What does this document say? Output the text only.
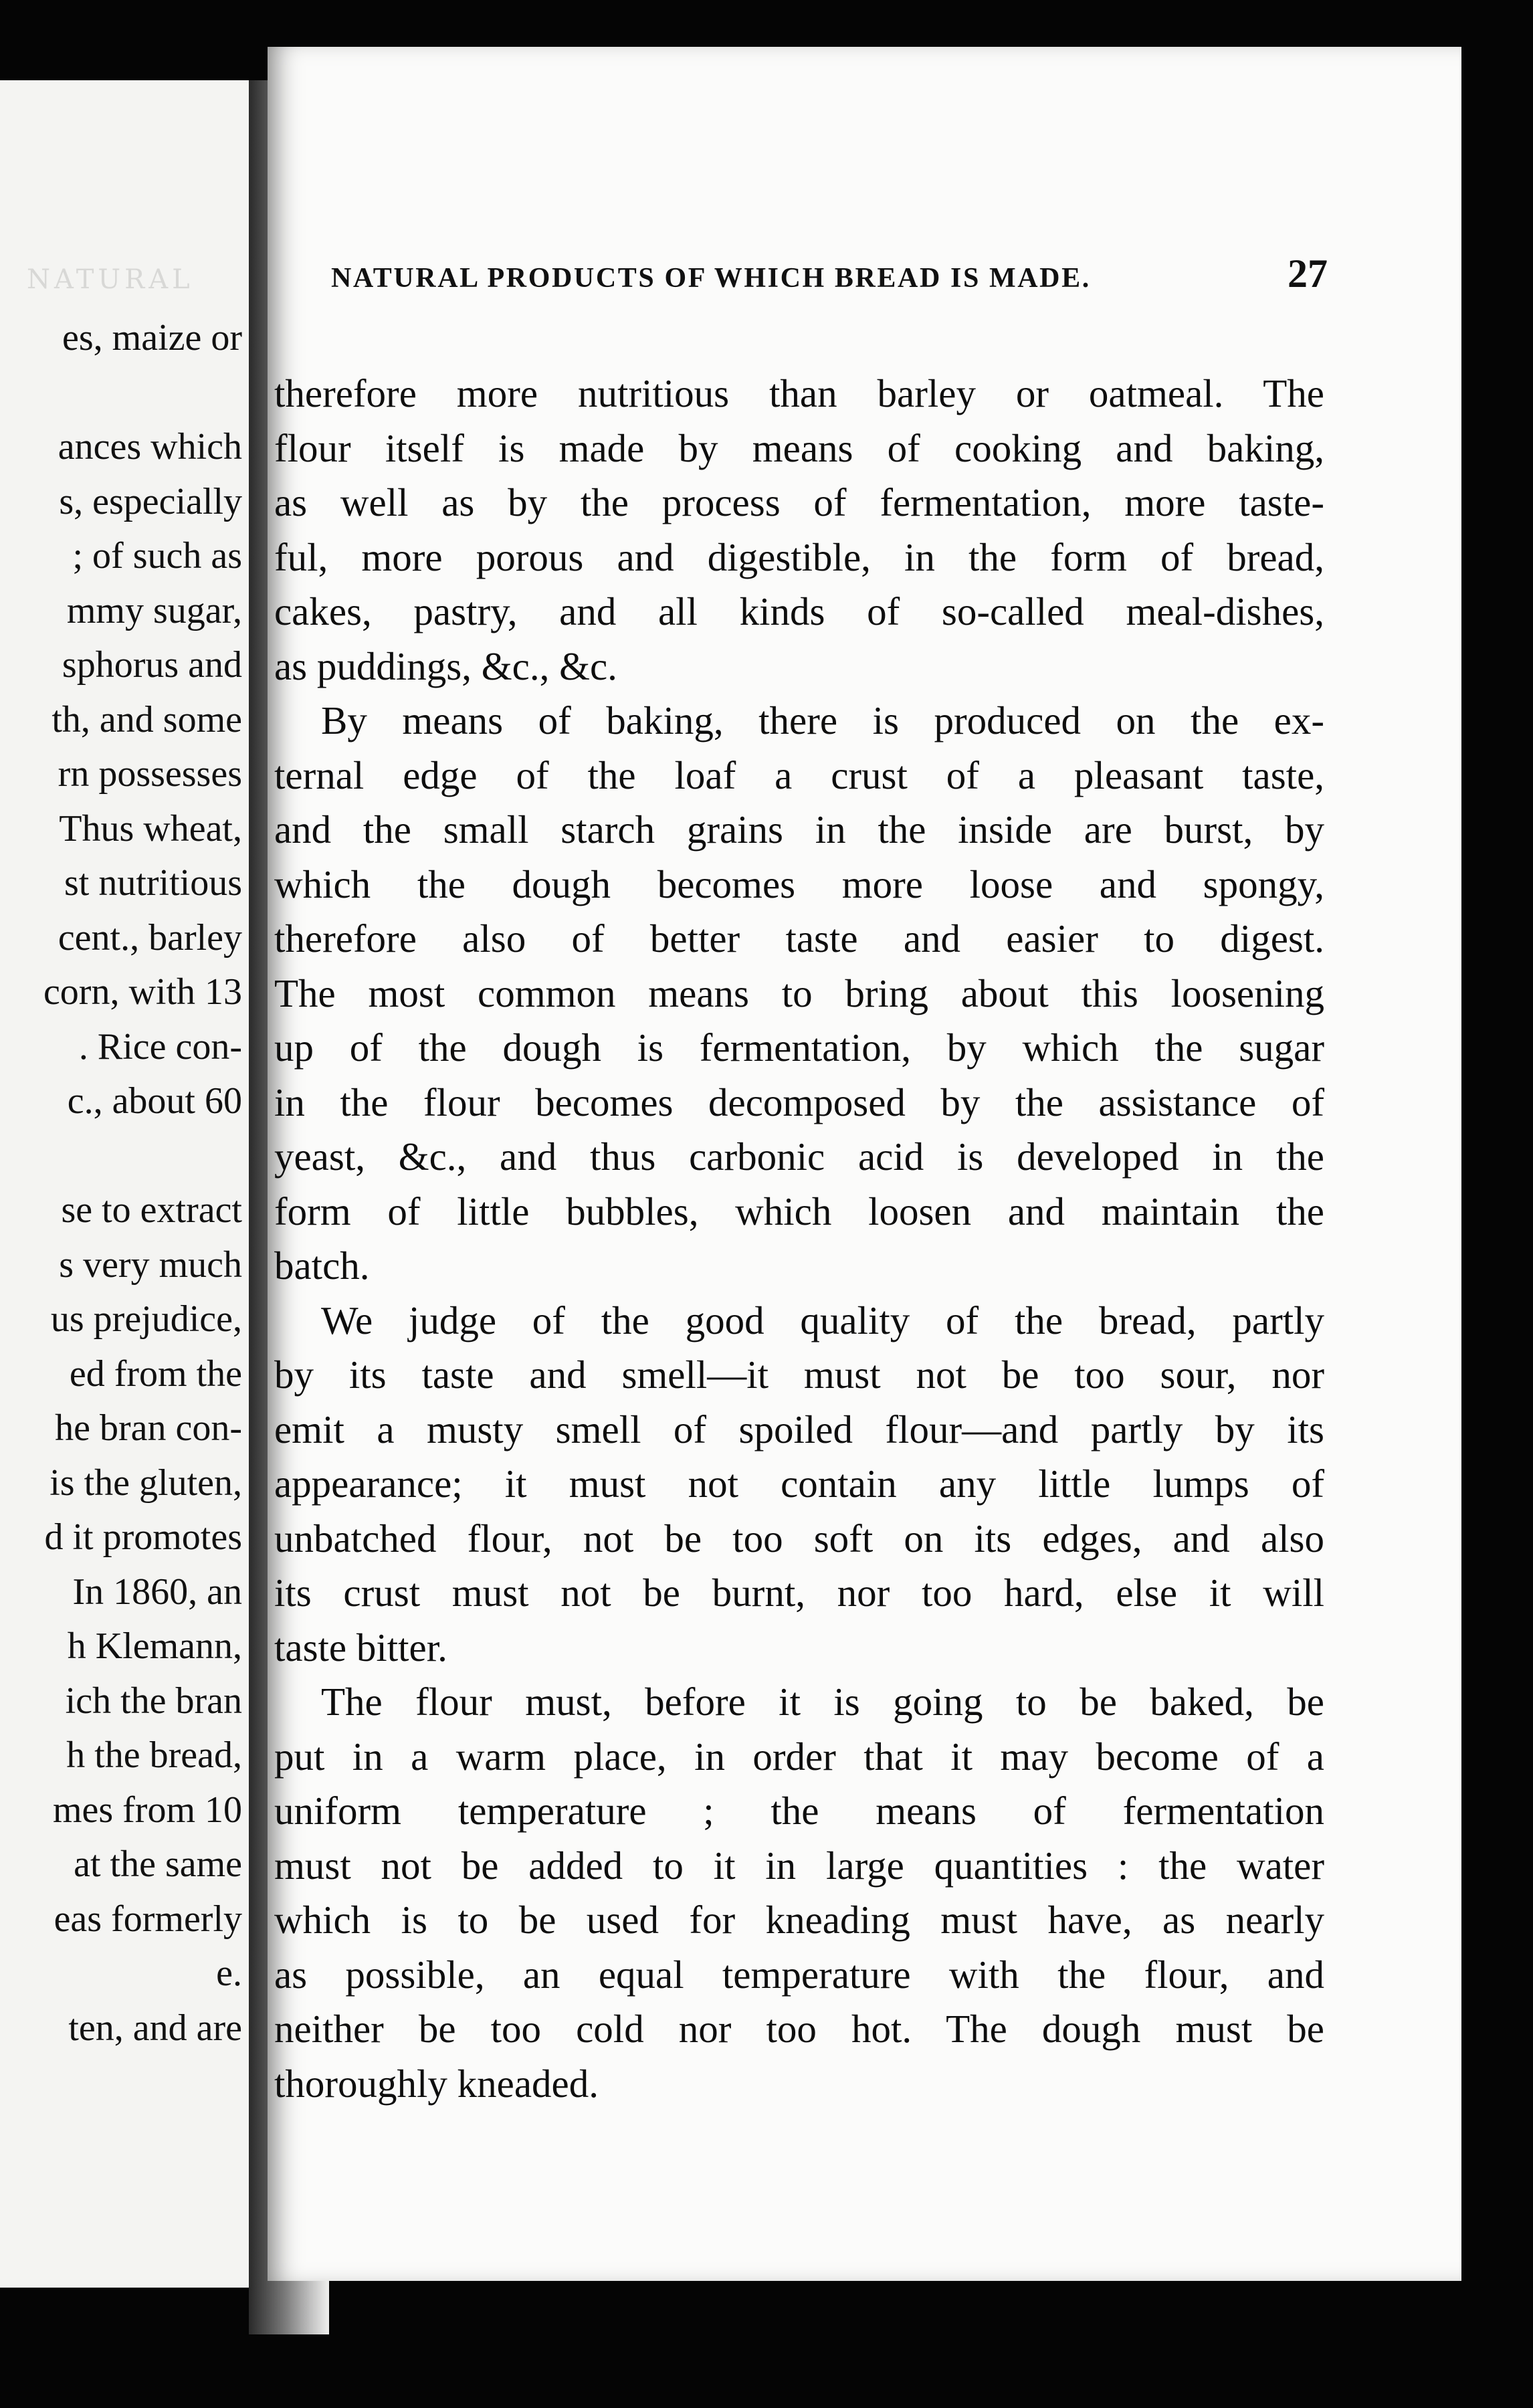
NATURAL
es, maize or
ances which
s, especially
; of such as
mmy sugar,
sphorus and
th, and some
rn possesses
Thus wheat,
st nutritious
cent., barley
corn, with 13
. Rice con-
c., about 60
se to extract
s very much
us prejudice,
ed from the
he bran con-
is the gluten,
d it promotes
In 1860, an
h Klemann,
ich the bran
h the bread,
mes from 10
at the same
eas formerly
e.
ten, and are
NATURAL PRODUCTS OF WHICH BREAD IS MADE.	27
therefore more nutritious than barley or oatmeal. The
flour itself is made by means of cooking and baking,
as well as by the process of fermentation, more taste-
ful, more porous and digestible, in the form of bread,
cakes, pastry, and all kinds of so-called meal-dishes,
as puddings, &c., &c.
By means of baking, there is produced on the ex-
ternal edge of the loaf a crust of a pleasant taste,
and the small starch grains in the inside are burst, by
which the dough becomes more loose and spongy,
therefore also of better taste and easier to digest.
The most common means to bring about this loosening
up of the dough is fermentation, by which the sugar
in the flour becomes decomposed by the assistance of
yeast, &c., and thus carbonic acid is developed in the
form of little bubbles, which loosen and maintain the
batch.
We judge of the good quality of the bread, partly
by its taste and smell—it must not be too sour, nor
emit a musty smell of spoiled flour—and partly by its
appearance; it must not contain any little lumps of
unbatched flour, not be too soft on its edges, and also
its crust must not be burnt, nor too hard, else it will
taste bitter.
The flour must, before it is going to be baked, be
put in a warm place, in order that it may become of a
uniform temperature ; the means of fermentation
must not be added to it in large quantities : the water
which is to be used for kneading must have, as nearly
as possible, an equal temperature with the flour, and
neither be too cold nor too hot. The dough must be
thoroughly kneaded.
